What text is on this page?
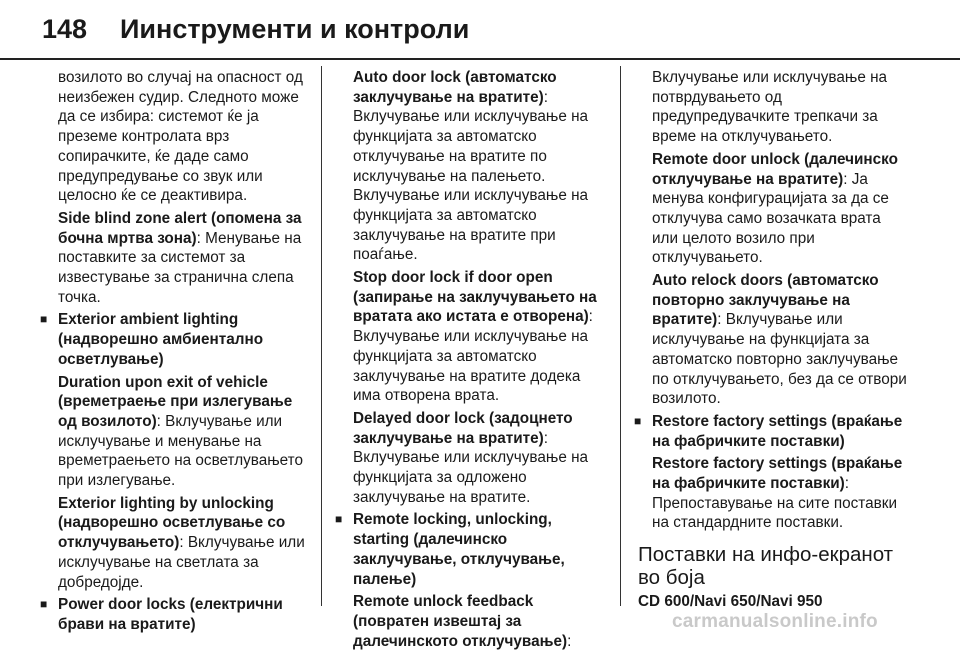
148 Иинструменти и контроли

возилото во случај на опасност од неизбежен судир. Следното може да се избира: системот ќе ја преземе контролата врз сопирачките, ќе даде само предупредување со звук или целосно ќе се деактивира.

Side blind zone alert (опомена за бочна мртва зона): Менување на поставките за системот за известување за странична слепа точка.

■ Exterior ambient lighting (надворешно амбиентално осветлување)

Duration upon exit of vehicle (времетраење при излегување од возилото): Вклучување или исклучување и менување на времетраењето на осветлувањето при излегување.

Exterior lighting by unlocking (надворешно осветлување со отклучувањето): Вклучување или исклучување на светлата за добредојде.

■ Power door locks (електрични брави на вратите)

Auto door lock (автоматско заклучување на вратите): Вклучување или исклучување на функцијата за автоматско отклучување на вратите по исклучување на палењето. Вклучување или исклучување на функцијата за автоматско заклучување на вратите при поаѓање.

Stop door lock if door open (запирање на заклучувањето на вратата ако истата е отворена): Вклучување или исклучување на функцијата за автоматско заклучување на вратите додека има отворена врата.

Delayed door lock (задоцнето заклучување на вратите): Вклучување или исклучување на функцијата за одложено заклучување на вратите.

■ Remote locking, unlocking, starting (далечинско заклучување, отклучување, палење)

Remote unlock feedback (повратен извештај за далечинското отклучување):

Вклучување или исклучување на потврдувањето од предупредувачките трепкачи за време на отклучувањето.

Remote door unlock (далечинско отклучување на вратите): Ја менува конфигурацијата за да се отклучува само возачката врата или целото возило при отклучувањето.

Auto relock doors (автоматско повторно заклучување на вратите): Вклучување или исклучување на функцијата за автоматско повторно заклучување по отклучувањето, без да се отвори возилото.

■ Restore factory settings (враќање на фабричките поставки)

Restore factory settings (враќање на фабричките поставки): Препоставување на сите поставки на стандардните поставки.

Поставки на инфо-екранот во боја

CD 600/Navi 650/Navi 950

carmanualsonline.info
